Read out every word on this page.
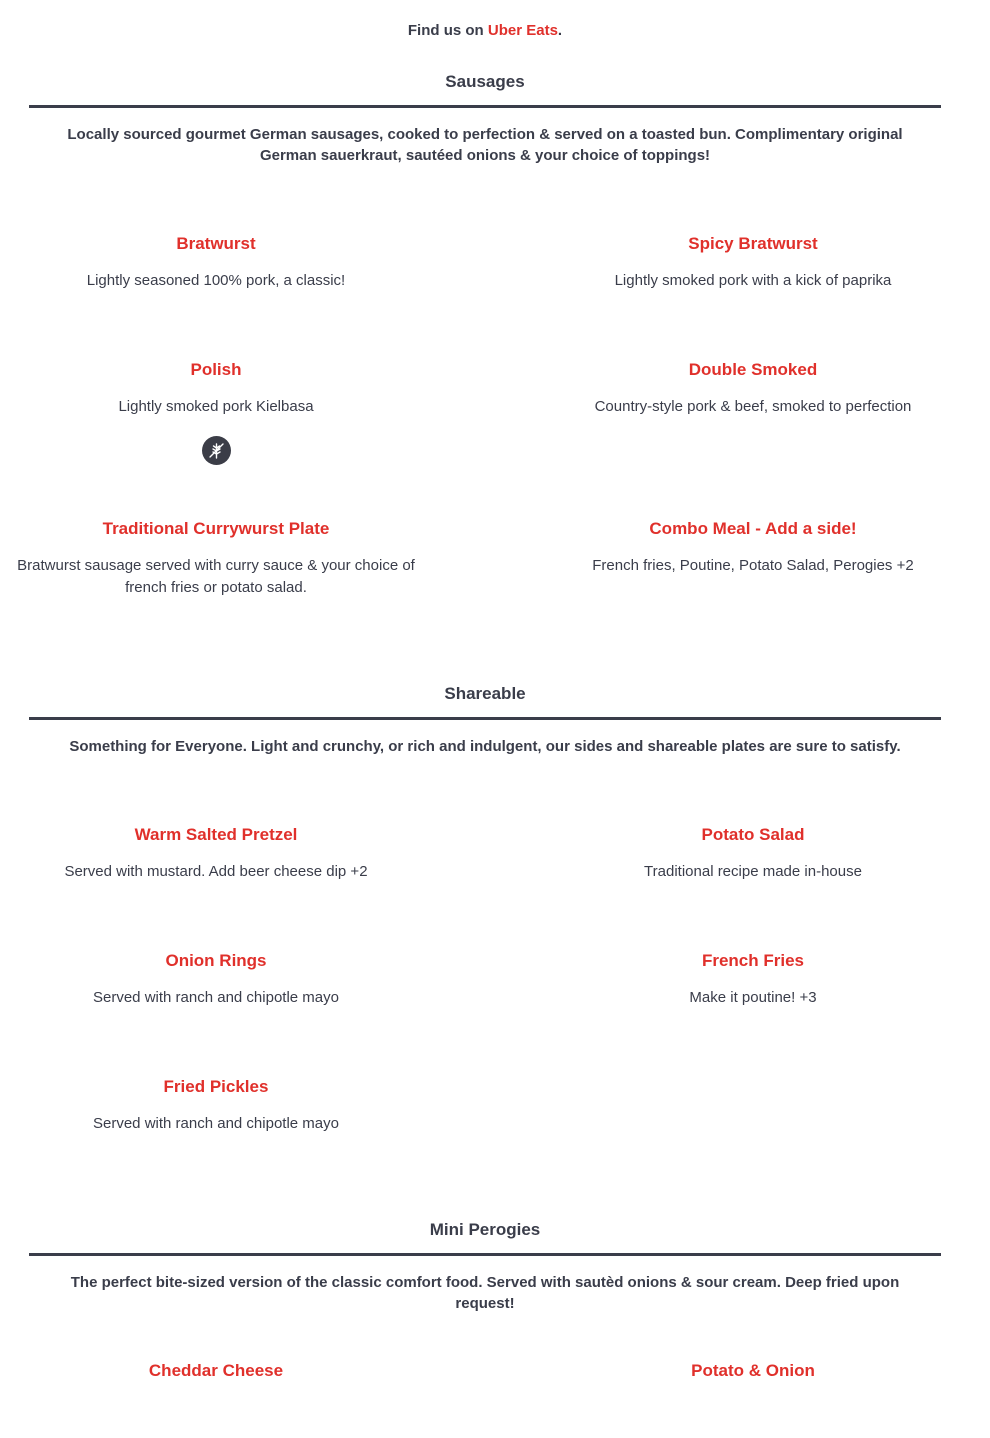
Find us on Uber Eats.
Sausages
Locally sourced gourmet German sausages, cooked to perfection & served on a toasted bun. Complimentary original German sauerkraut, sautéed onions & your choice of toppings!
Bratwurst
Lightly seasoned 100% pork, a classic!
Spicy Bratwurst
Lightly smoked pork with a kick of paprika
Polish
Lightly smoked pork Kielbasa
Double Smoked
Country-style pork & beef, smoked to perfection
Traditional Currywurst Plate
Bratwurst sausage served with curry sauce & your choice of french fries or potato salad.
Combo Meal - Add a side!
French fries, Poutine, Potato Salad, Perogies +2
Shareable
Something for Everyone. Light and crunchy, or rich and indulgent, our sides and shareable plates are sure to satisfy.
Warm Salted Pretzel
Served with mustard. Add beer cheese dip +2
Potato Salad
Traditional recipe made in-house
Onion Rings
Served with ranch and chipotle mayo
French Fries
Make it poutine! +3
Fried Pickles
Served with ranch and chipotle mayo
Mini Perogies
The perfect bite-sized version of the classic comfort food. Served with sautèd onions & sour cream. Deep fried upon request!
Cheddar Cheese	Potato & Onion
